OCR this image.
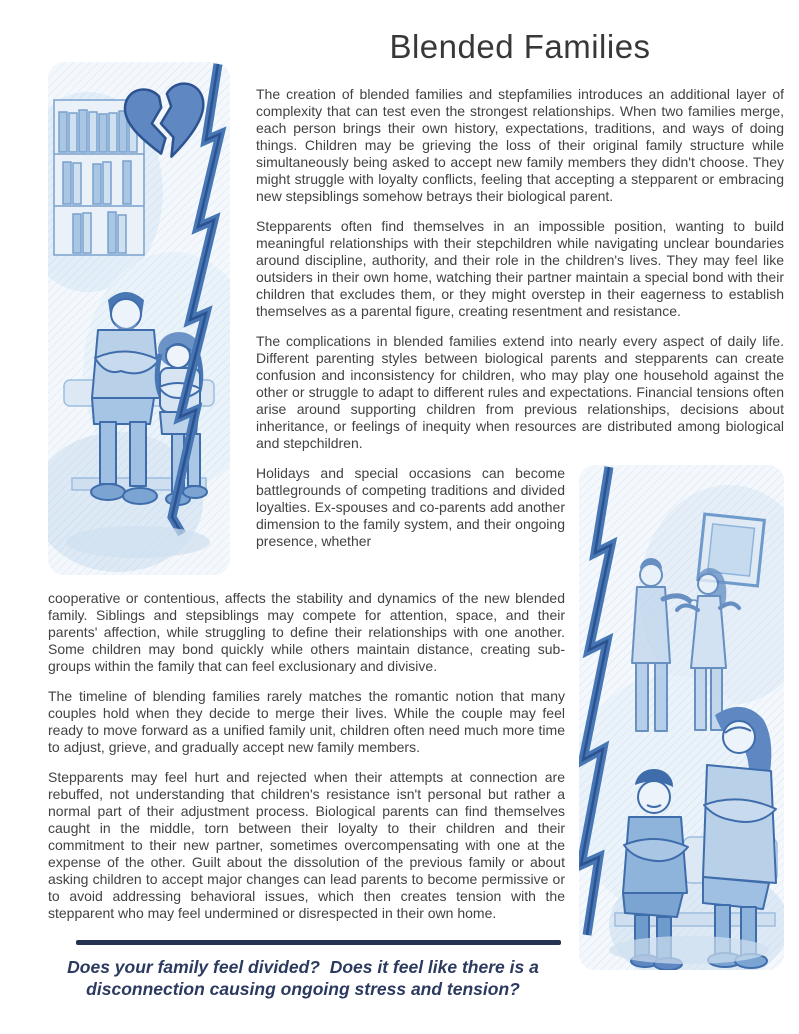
Blended Families

The creation of blended families and stepfamilies introduces an additional layer of complexity that can test even the strongest relationships. When two families merge, each person brings their own history, expectations, traditions, and ways of doing things. Children may be grieving the loss of their original family structure while simultaneously being asked to accept new family members they didn't choose. They might struggle with loyalty conflicts, feeling that accepting a stepparent or embracing new stepsiblings somehow betrays their biological parent.

Stepparents often find themselves in an impossible position, wanting to build meaningful relationships with their stepchildren while navigating unclear boundaries around discipline, authority, and their role in the children's lives. They may feel like outsiders in their own home, watching their partner maintain a special bond with their children that excludes them, or they might overstep in their eagerness to establish themselves as a parental figure, creating resentment and resistance.

The complications in blended families extend into nearly every aspect of daily life. Different parenting styles between biological parents and stepparents can create confusion and inconsistency for children, who may play one household against the other or struggle to adapt to different rules and expectations. Financial tensions often arise around supporting children from previous relationships, decisions about inheritance, or feelings of inequity when resources are distributed among biological and stepchildren.

Holidays and special occasions can become battlegrounds of competing traditions and divided loyalties. Ex-spouses and co-parents add another dimension to the family system, and their ongoing presence, whether

cooperative or contentious, affects the stability and dynamics of the new blended family. Siblings and stepsiblings may compete for attention, space, and their parents' affection, while struggling to define their relationships with one another. Some children may bond quickly while others maintain distance, creating sub-groups within the family that can feel exclusionary and divisive.

The timeline of blending families rarely matches the romantic notion that many couples hold when they decide to merge their lives. While the couple may feel ready to move forward as a unified family unit, children often need much more time to adjust, grieve, and gradually accept new family members.

Stepparents may feel hurt and rejected when their attempts at connection are rebuffed, not understanding that children's resistance isn't personal but rather a normal part of their adjustment process. Biological parents can find themselves caught in the middle, torn between their loyalty to their children and their commitment to their new partner, sometimes overcompensating with one at the expense of the other. Guilt about the dissolution of the previous family or about asking children to accept major changes can lead parents to become permissive or to avoid addressing behavioral issues, which then creates tension with the stepparent who may feel undermined or disrespected in their own home.

Does your family feel divided?  Does it feel like there is a disconnection causing ongoing stress and tension?
